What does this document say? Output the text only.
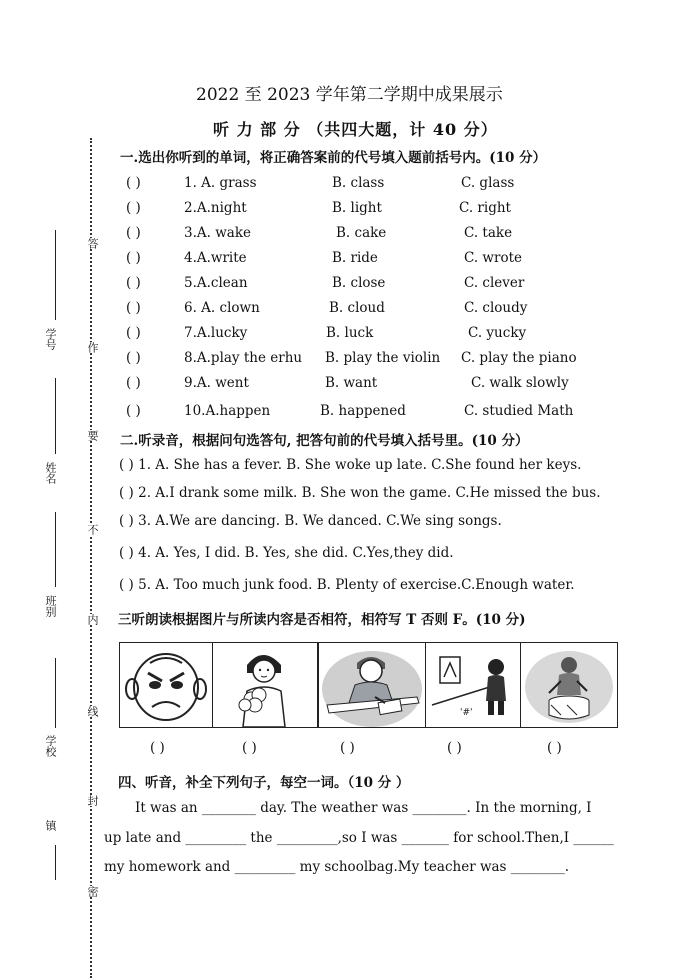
学号
姓名
班别
学校
镇
答
作
要
不
内
线
封
密
2022 至 2023 学年第二学期中成果展示
听 力 部 分 （共四大题，计 40 分）
一.选出你听到的单词，将正确答案前的代号填入题前括号内。(10 分）
( )	1. A. grass	B. class	C. glass
( )	2.A.night	B. light	C. right
( )	3.A. wake	B. cake	C. take
( )	4.A.write	B. ride	C. wrote
( )	5.A.clean	B. close	C. clever
( )	6. A. clown	B. cloud	C. cloudy
( )	7.A.lucky	B. luck	C. yucky
( )	8.A.play the erhu B. play the violin C. play the piano
( )	9.A. went	B. want	C. walk slowly
( )	10.A.happen	B. happened	C. studied Math
二.听录音，根据问句选答句, 把答句前的代号填入括号里。(10 分）
( ) 1. A. She has a fever. B. She woke up late. C.She found her keys.
( ) 2. A.I drank some milk. B. She won the game. C.He missed the bus.
( ) 3. A.We are dancing. B. We danced. C.We sing songs.
( ) 4. A. Yes, I did. B. Yes, she did. C.Yes,they did.
( ) 5. A. Too much junk food. B. Plenty of exercise.C.Enough water.
三听朗读根据图片与所读内容是否相符，相符写 T 否则 F。(10 分)
'#'
( )	( )	( )	( )	( )
四、听音，补全下列句子，每空一词。（10 分 ）
It was an ________ day. The weather was ________. In the morning, I
up late and _________ the _________,so I was _______ for school.Then,I ______
my homework and _________ my schoolbag.My teacher was ________.
